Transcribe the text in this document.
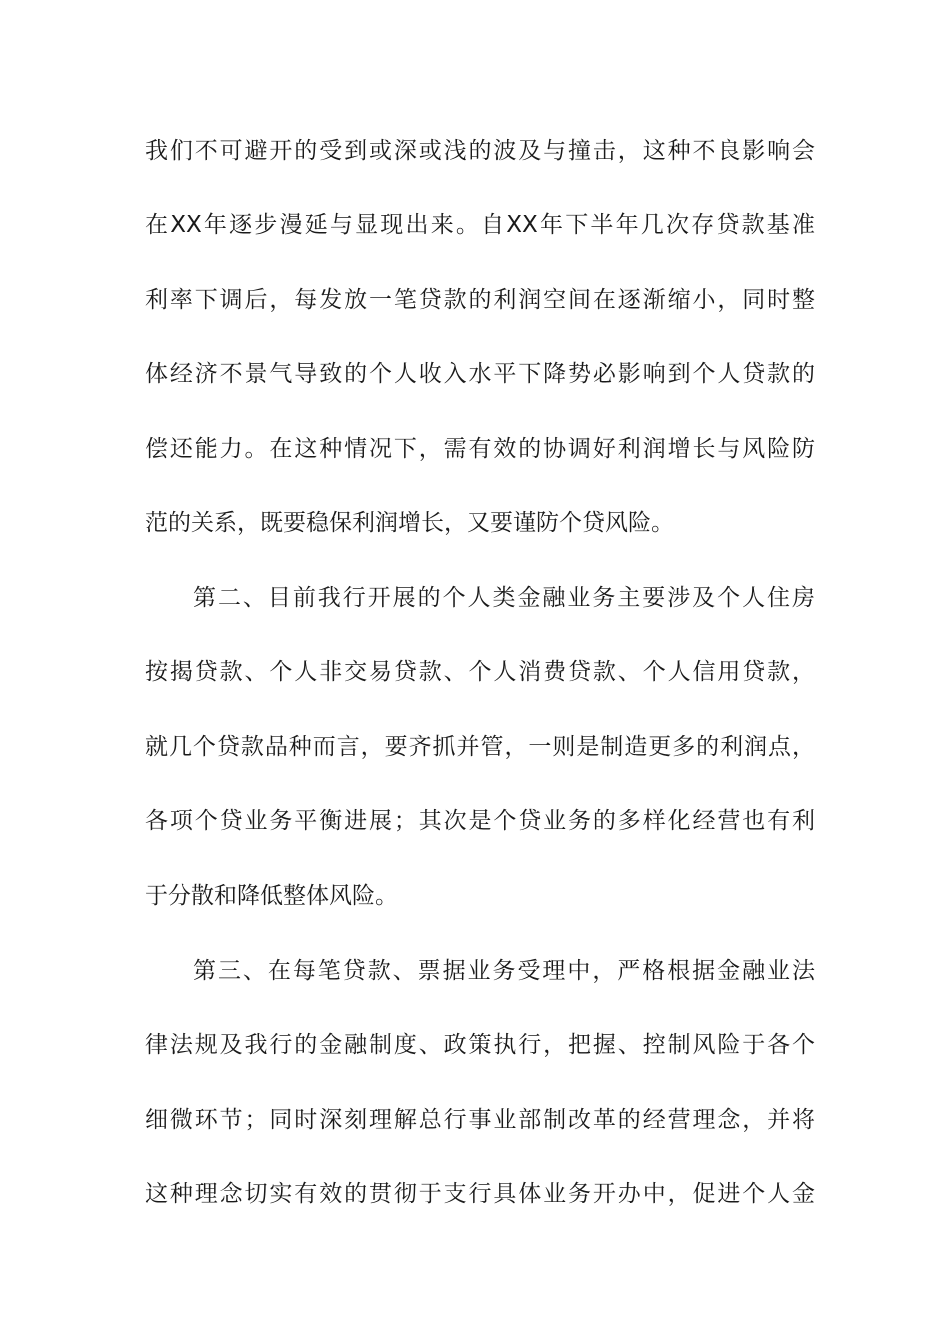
我们不可避开的受到或深或浅的波及与撞击，这种不良影响会
在XX年逐步漫延与显现出来。自XX年下半年几次存贷款基准
利率下调后，每发放一笔贷款的利润空间在逐渐缩小，同时整
体经济不景气导致的个人收入水平下降势必影响到个人贷款的
偿还能力。在这种情况下，需有效的协调好利润增长与风险防
范的关系，既要稳保利润增长，又要谨防个贷风险。
第二、目前我行开展的个人类金融业务主要涉及个人住房
按揭贷款、个人非交易贷款、个人消费贷款、个人信用贷款，
就几个贷款品种而言，要齐抓并管，一则是制造更多的利润点，
各项个贷业务平衡进展；其次是个贷业务的多样化经营也有利
于分散和降低整体风险。
第三、在每笔贷款、票据业务受理中，严格根据金融业法
律法规及我行的金融制度、政策执行，把握、控制风险于各个
细微环节；同时深刻理解总行事业部制改革的经营理念，并将
这种理念切实有效的贯彻于支行具体业务开办中，促进个人金
